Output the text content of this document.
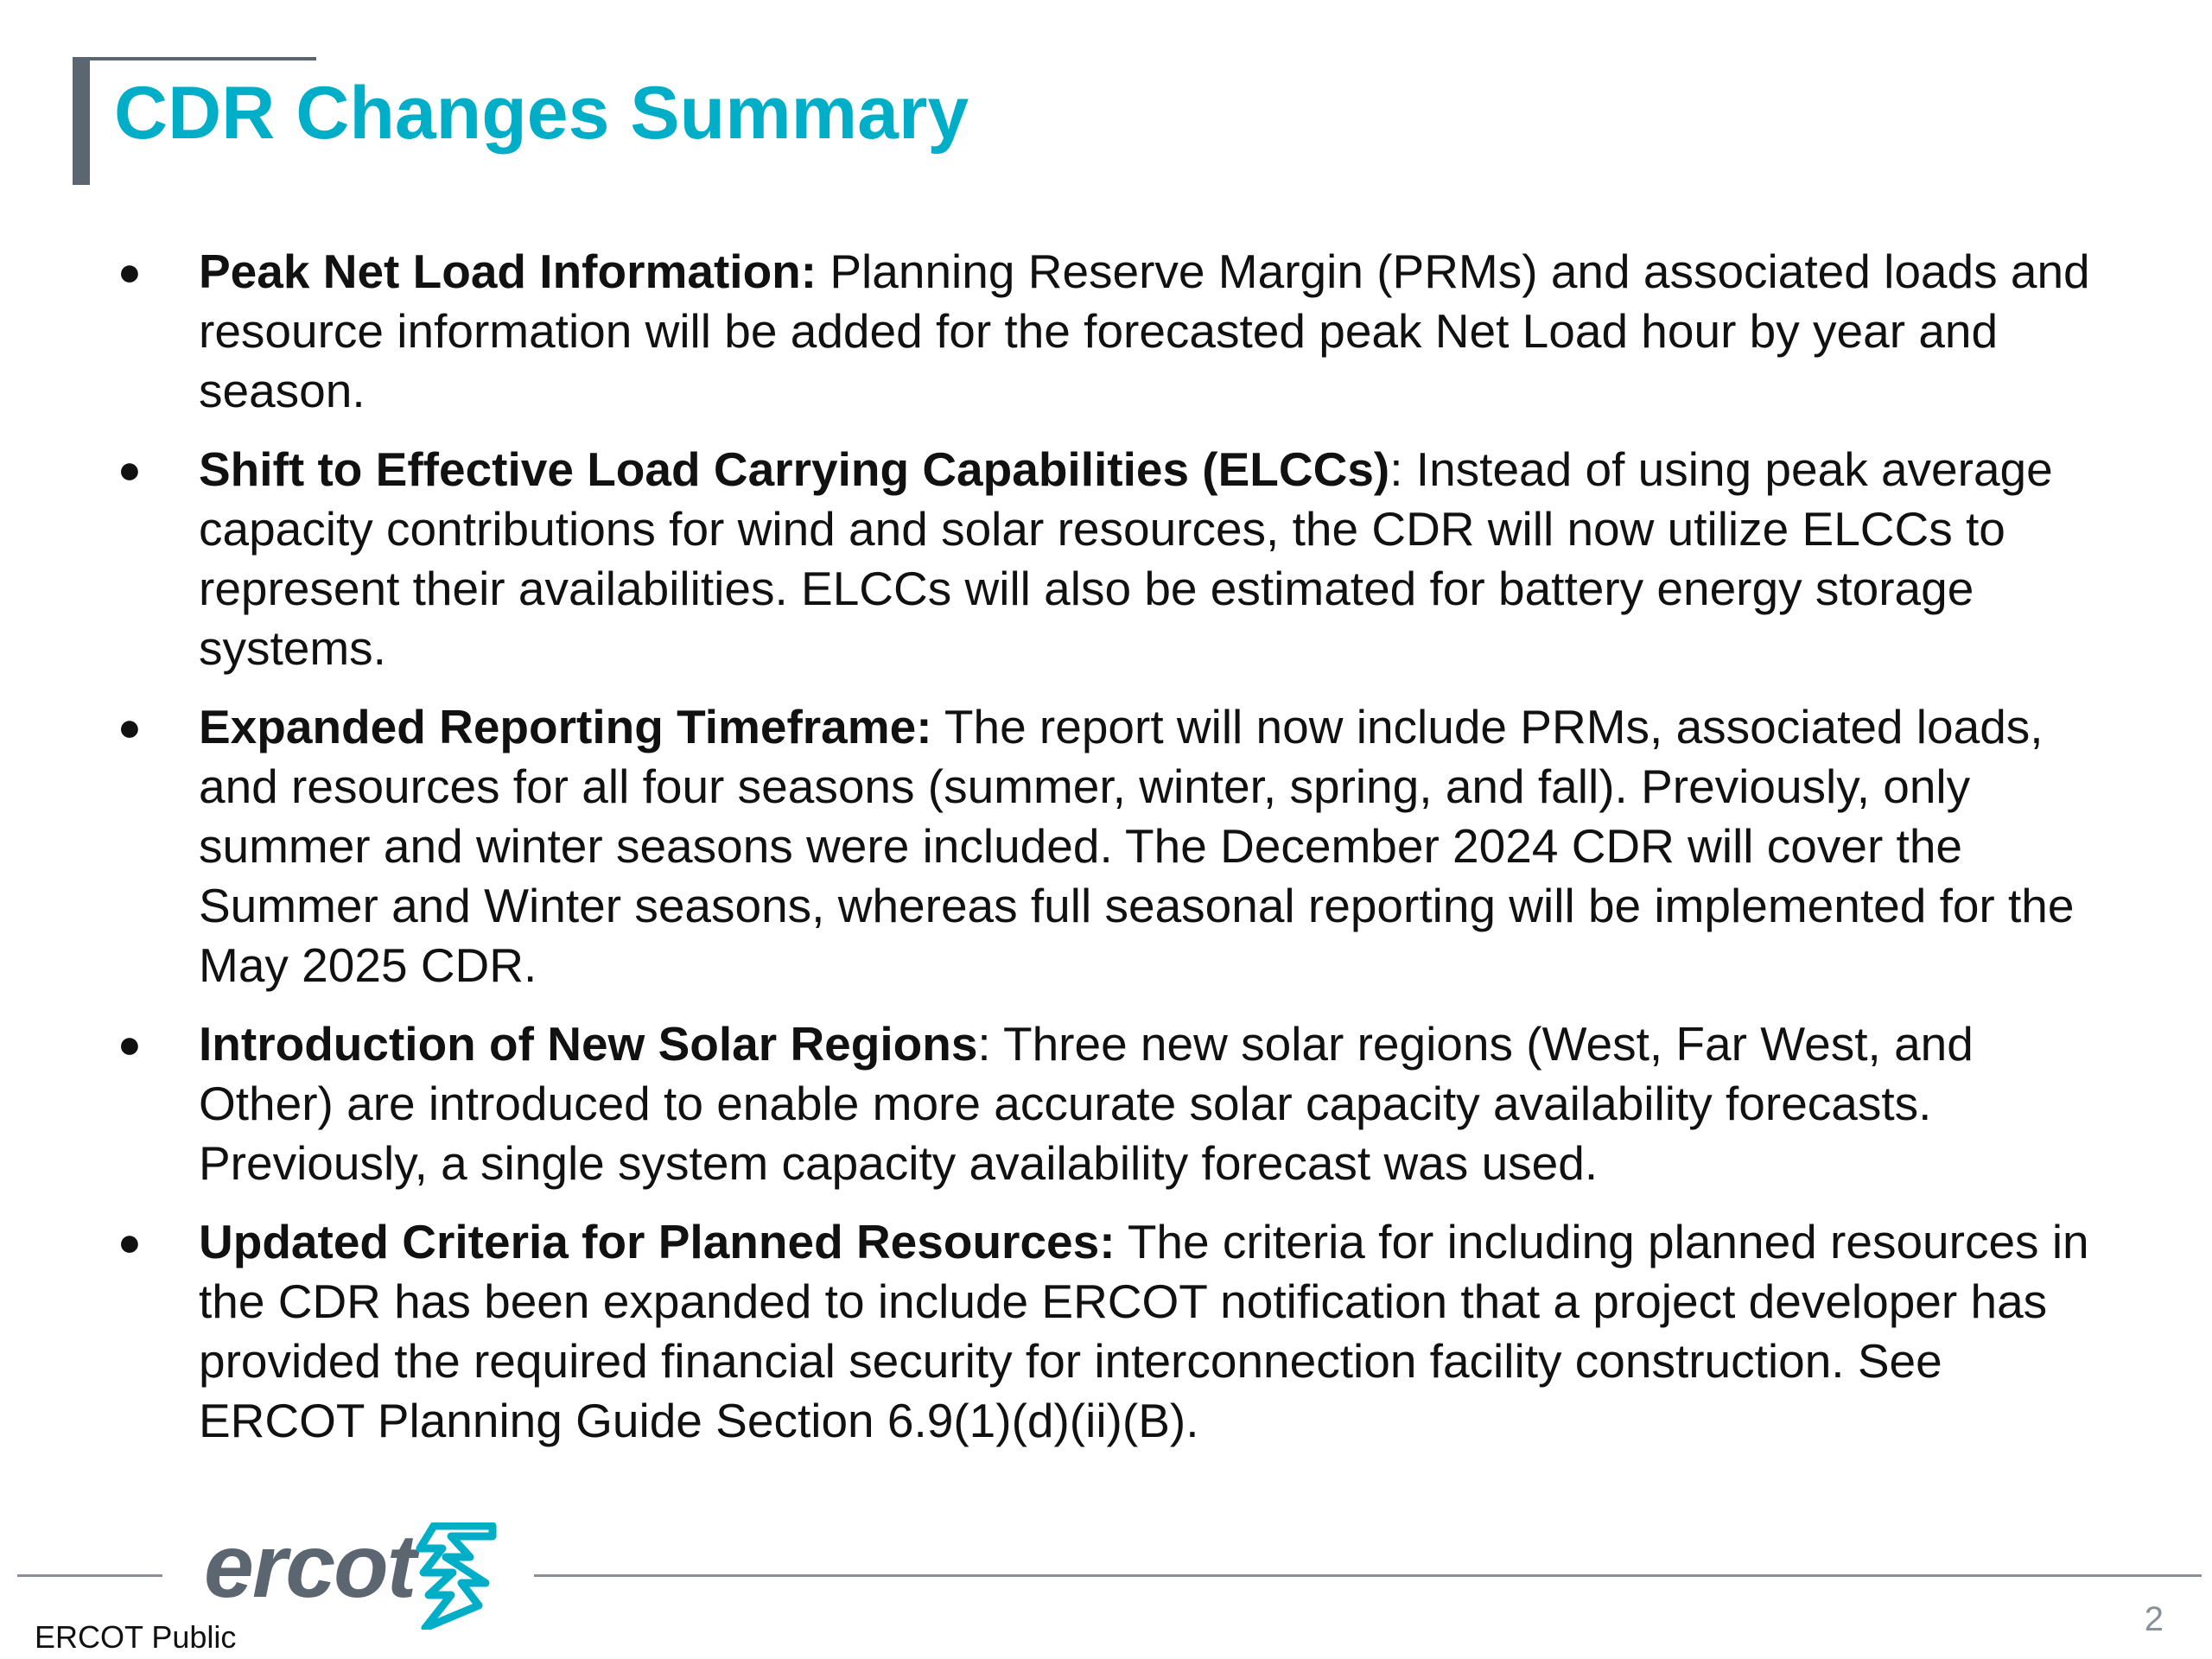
CDR Changes Summary
● Peak Net Load Information: Planning Reserve Margin (PRMs) and associated loads and resource information will be added for the forecasted peak Net Load hour by year and season.
● Shift to Effective Load Carrying Capabilities (ELCCs): Instead of using peak average capacity contributions for wind and solar resources, the CDR will now utilize ELCCs to represent their availabilities. ELCCs will also be estimated for battery energy storage systems.
● Expanded Reporting Timeframe: The report will now include PRMs, associated loads, and resources for all four seasons (summer, winter, spring, and fall). Previously, only summer and winter seasons were included. The December 2024 CDR will cover the Summer and Winter seasons, whereas full seasonal reporting will be implemented for the May 2025 CDR.
● Introduction of New Solar Regions: Three new solar regions (West, Far West, and Other) are introduced to enable more accurate solar capacity availability forecasts. Previously, a single system capacity availability forecast was used.
● Updated Criteria for Planned Resources: The criteria for including planned resources in the CDR has been expanded to include ERCOT notification that a project developer has provided the required financial security for interconnection facility construction. See ERCOT Planning Guide Section 6.9(1)(d)(ii)(B).
ercot
ERCOT Public	2
